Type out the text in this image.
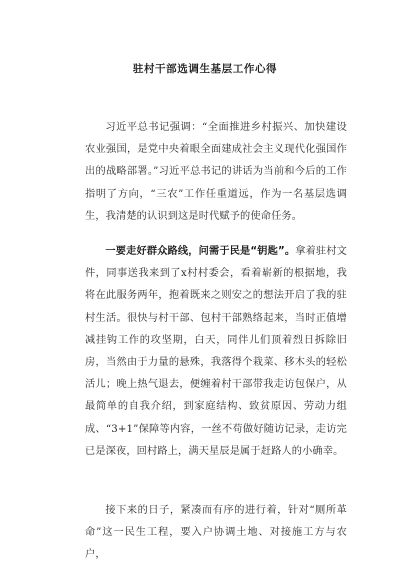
驻村干部选调生基层工作心得

习近平总书记强调：“全面推进乡村振兴、加快建设农业强国，是党中央着眼全面建成社会主义现代化强国作出的战略部署。”习近平总书记的讲话为当前和今后的工作指明了方向，“三农”工作任重道远，作为一名基层选调生，我清楚的认识到这是时代赋予的使命任务。

一要走好群众路线，问需于民是“钥匙”。拿着驻村文件，同事送我来到了x村村委会，看着崭新的根据地，我将在此服务两年，抱着既来之则安之的想法开启了我的驻村生活。很快与村干部、包村干部熟络起来，当时正值增减挂钩工作的攻坚期，白天，同伴儿们顶着烈日拆除旧房，当然由于力量的悬殊，我落得个栽菜、移木头的轻松活儿；晚上热气退去，便缠着村干部带我走访包保户，从最简单的自我介绍，到家庭结构、致贫原因、劳动力组成、“3+1”保障等内容，一丝不苟做好随访记录，走访完已是深夜，回村路上，满天星辰是属于赶路人的小确幸。

接下来的日子，紧凑而有序的进行着，针对“厕所革命”这一民生工程，要入户协调土地、对接施工方与农户，
